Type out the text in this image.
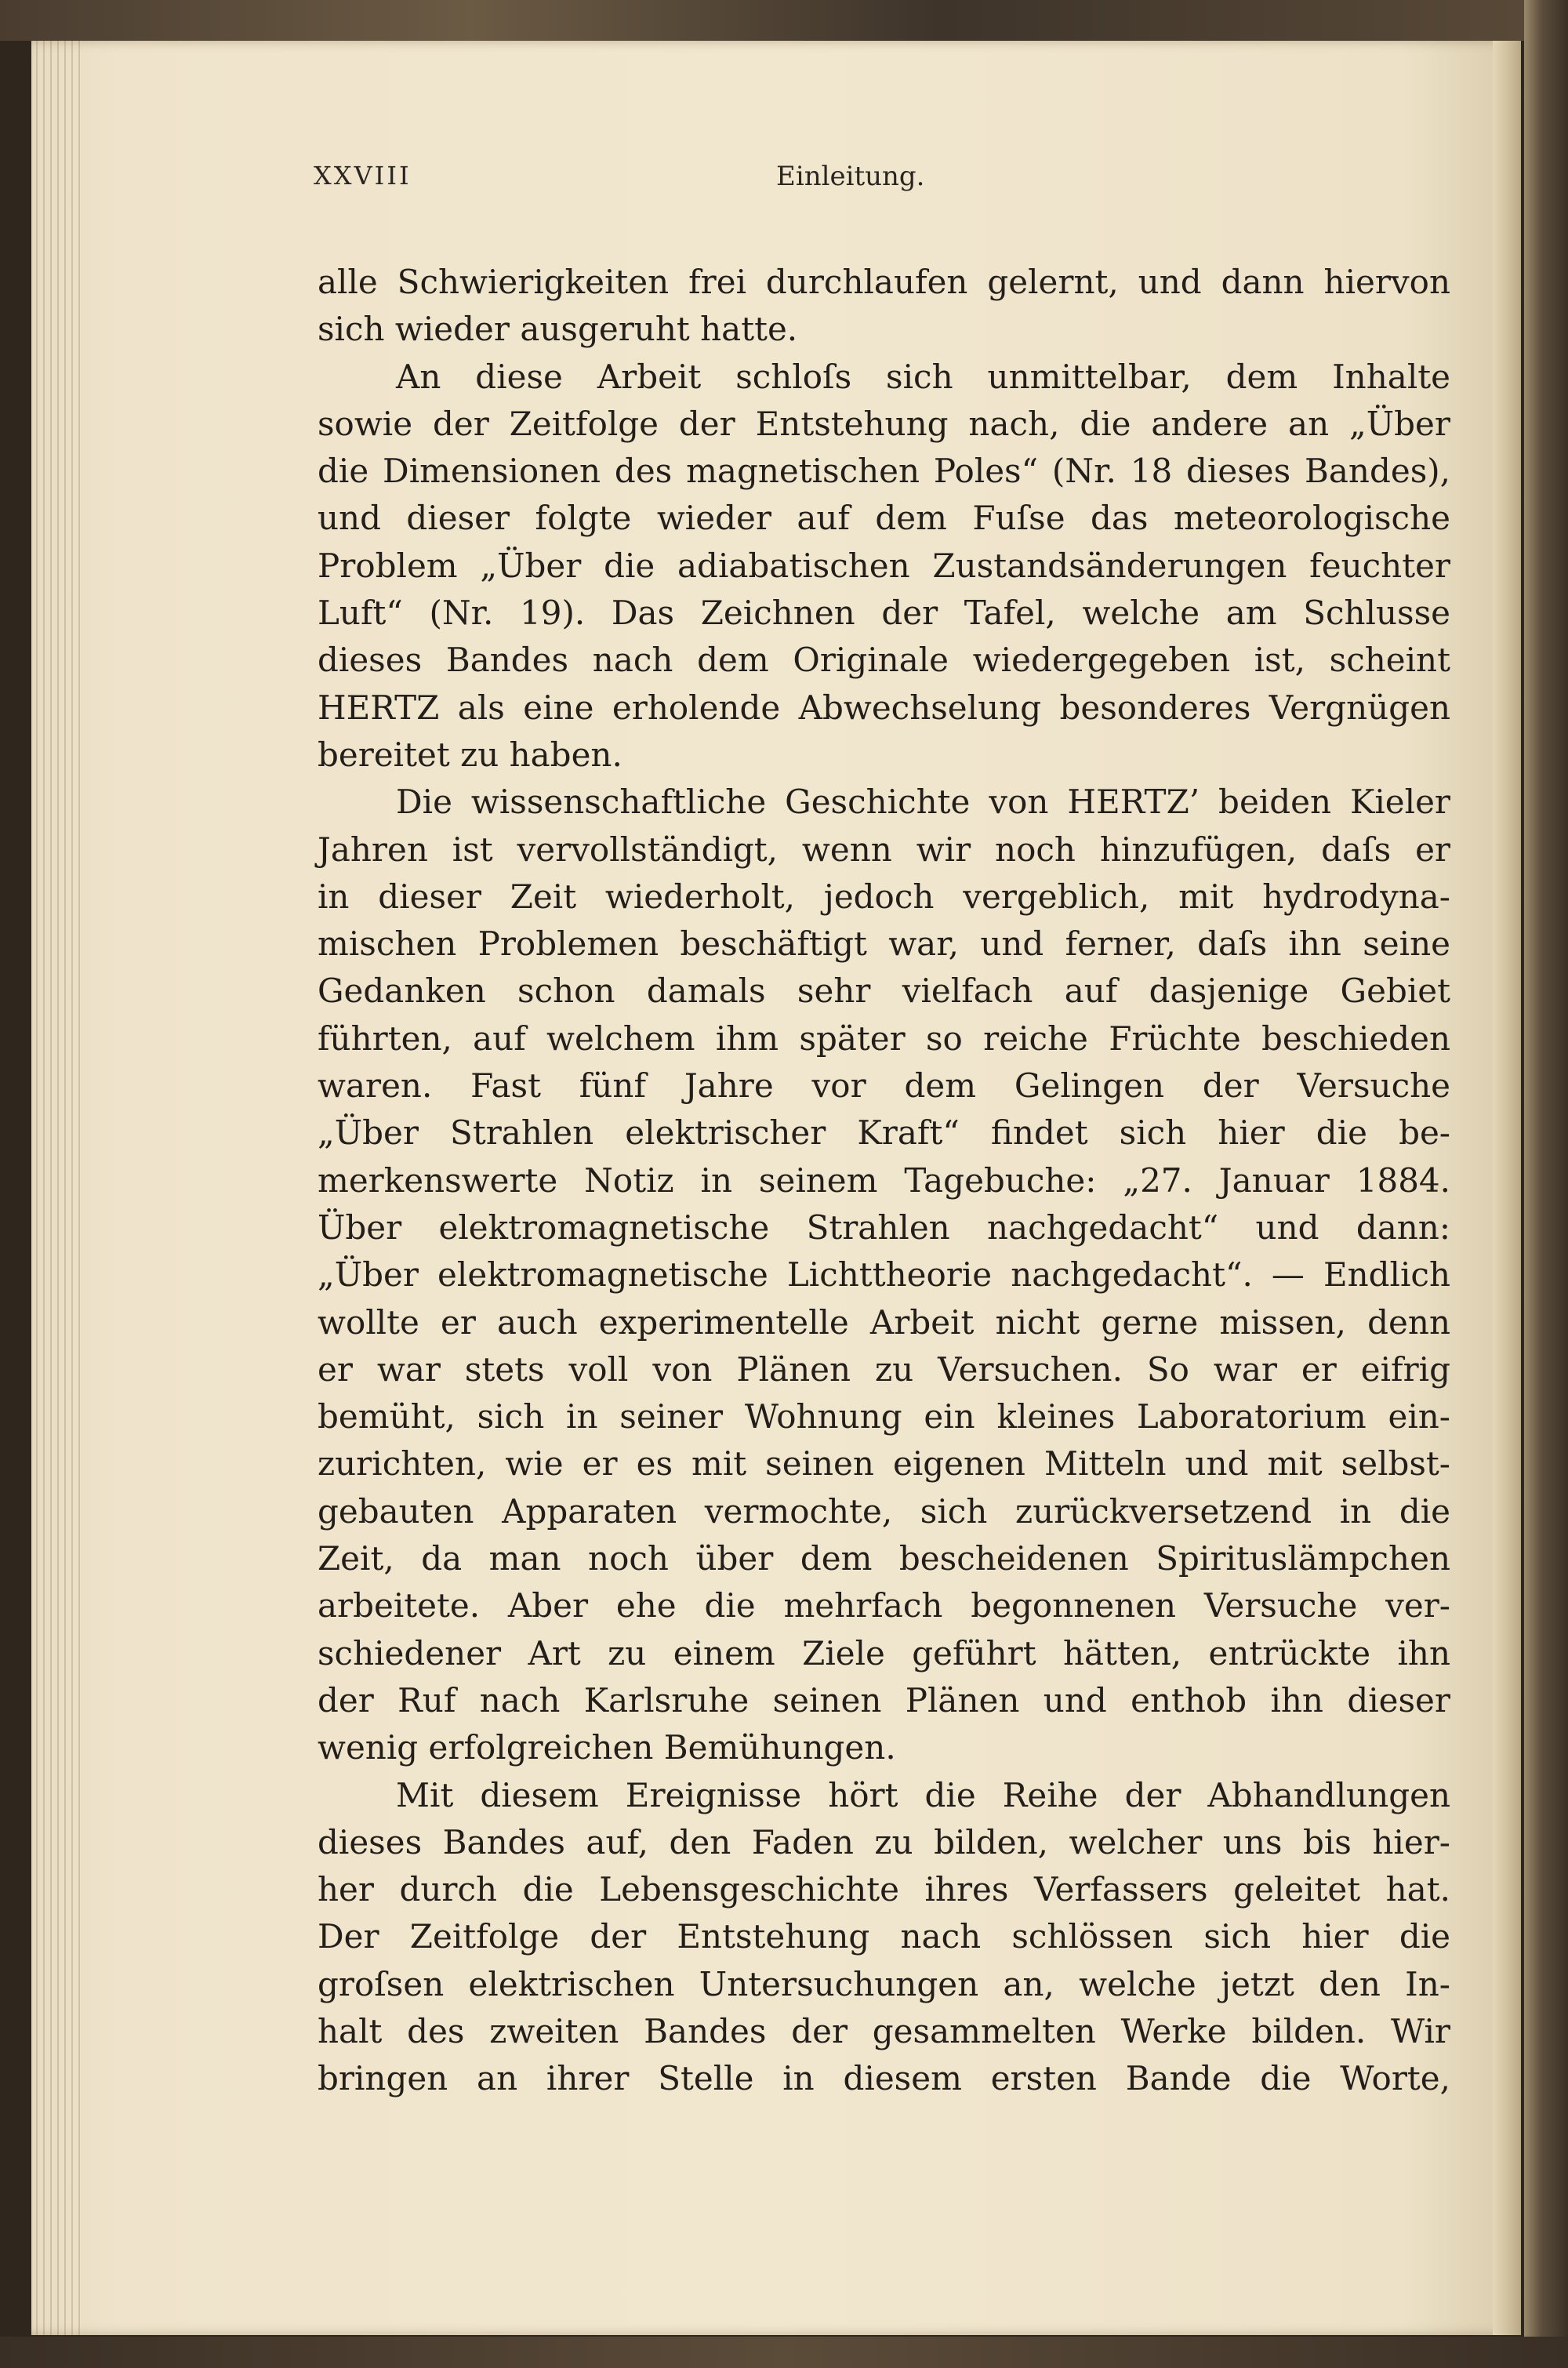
XXVIII	Einleitung.

alle Schwierigkeiten frei durchlaufen gelernt, und dann hiervon

sich wieder ausgeruht hatte.

An diese Arbeit schloſs sich unmittelbar, dem Inhalte

sowie der Zeitfolge der Entstehung nach, die andere an „Über

die Dimensionen des magnetischen Poles“ (Nr. 18 dieses Bandes),

und dieser folgte wieder auf dem Fuſse das meteorologische

Problem „Über die adiabatischen Zustandsänderungen feuchter

Luft“ (Nr. 19). Das Zeichnen der Tafel, welche am Schlusse

dieses Bandes nach dem Originale wiedergegeben ist, scheint

HERTZ als eine erholende Abwechselung besonderes Vergnügen

bereitet zu haben.

Die wissenschaftliche Geschichte von HERTZ’ beiden Kieler

Jahren ist vervollständigt, wenn wir noch hinzufügen, daſs er

in dieser Zeit wiederholt, jedoch vergeblich, mit hydrodyna-

mischen Problemen beschäftigt war, und ferner, daſs ihn seine

Gedanken schon damals sehr vielfach auf dasjenige Gebiet

führten, auf welchem ihm später so reiche Früchte beschieden

waren. Fast fünf Jahre vor dem Gelingen der Versuche

„Über Strahlen elektrischer Kraft“ findet sich hier die be-

merkenswerte Notiz in seinem Tagebuche: „27. Januar 1884.

Über elektromagnetische Strahlen nachgedacht“ und dann:

„Über elektromagnetische Lichttheorie nachgedacht“. — Endlich

wollte er auch experimentelle Arbeit nicht gerne missen, denn

er war stets voll von Plänen zu Versuchen. So war er eifrig

bemüht, sich in seiner Wohnung ein kleines Laboratorium ein-

zurichten, wie er es mit seinen eigenen Mitteln und mit selbst-

gebauten Apparaten vermochte, sich zurückversetzend in die

Zeit, da man noch über dem bescheidenen Spirituslämpchen

arbeitete. Aber ehe die mehrfach begonnenen Versuche ver-

schiedener Art zu einem Ziele geführt hätten, entrückte ihn

der Ruf nach Karlsruhe seinen Plänen und enthob ihn dieser

wenig erfolgreichen Bemühungen.

Mit diesem Ereignisse hört die Reihe der Abhandlungen

dieses Bandes auf, den Faden zu bilden, welcher uns bis hier-

her durch die Lebensgeschichte ihres Verfassers geleitet hat.

Der Zeitfolge der Entstehung nach schlössen sich hier die

groſsen elektrischen Untersuchungen an, welche jetzt den In-

halt des zweiten Bandes der gesammelten Werke bilden. Wir

bringen an ihrer Stelle in diesem ersten Bande die Worte,
